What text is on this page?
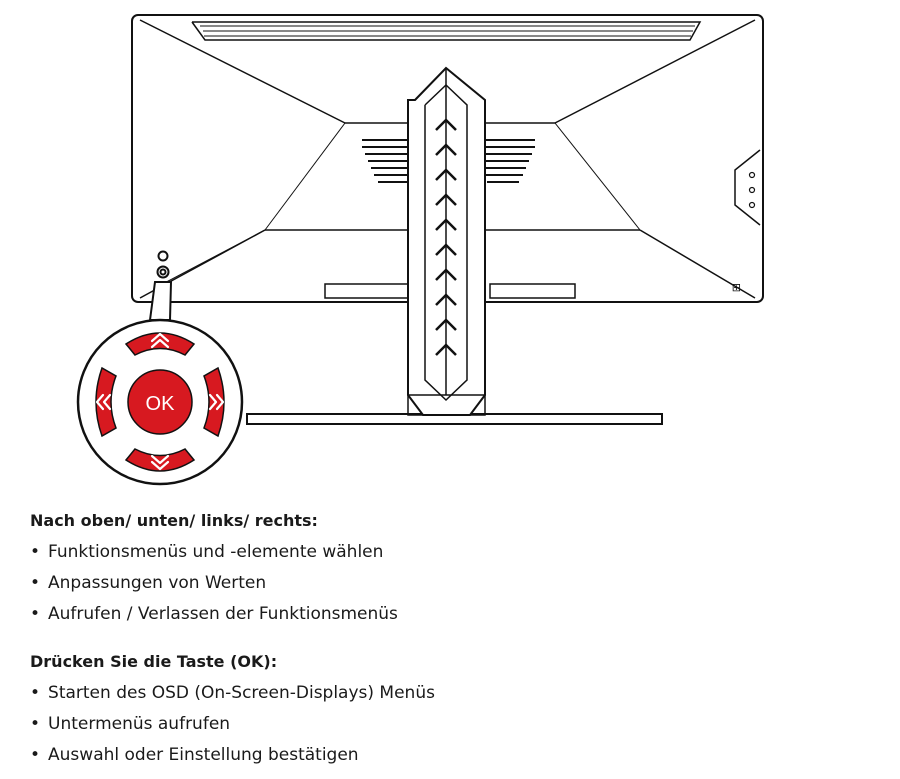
⊞
OK
Nach oben/ unten/ links/ rechts:
• Funktionsmenüs und -elemente wählen
• Anpassungen von Werten
• Aufrufen / Verlassen der Funktionsmenüs
Drücken Sie die Taste (OK):
• Starten des OSD (On-Screen-Displays) Menüs
• Untermenüs aufrufen
• Auswahl oder Einstellung bestätigen
